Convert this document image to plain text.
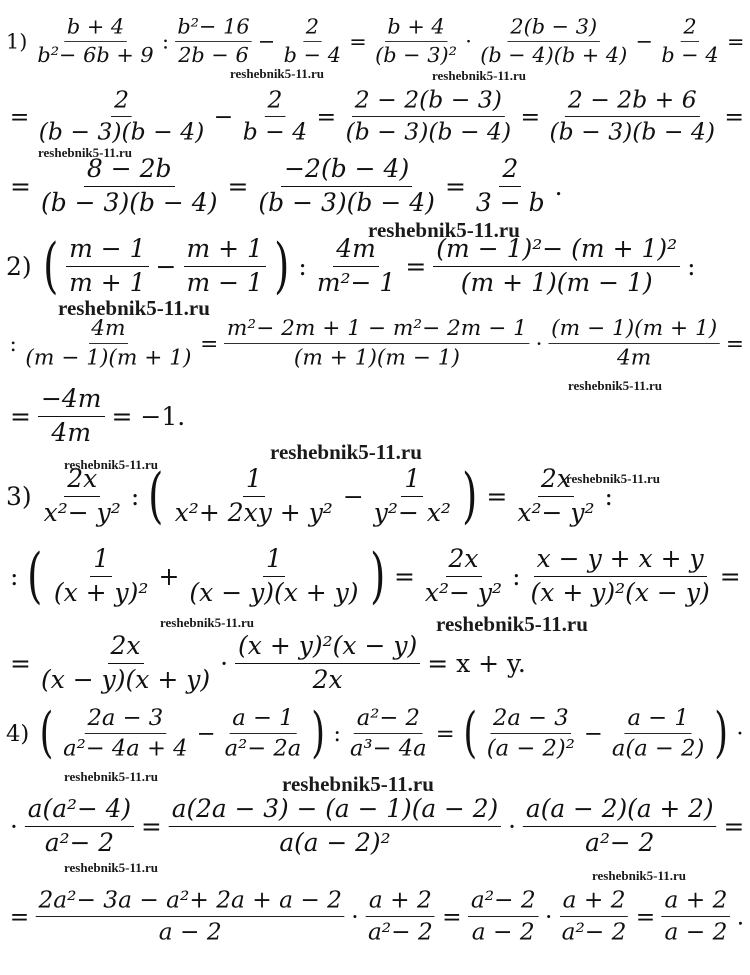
$1) \frac{b + 4}{\text{b²− 6b + 9}}$ : $\frac{\text{b²− 16}}{2b - 6} - \frac{2}{b - 4} = \frac{b + 4}{\text{(b − 3)²}} \cdot \frac{2(b - 3)}{(b - 4)(b + 4)} - \frac{2}{b - 4}$ =
= $\frac{2}{(b - 3)(b - 4)} - \frac{2}{b - 4} = \frac{2 - 2(b - 3)}{(b - 3)(b - 4)} = \frac{2 - 2b + 6}{(b - 3)(b - 4)}$ =
= $\frac{8 - 2b}{(b - 3)(b - 4)} = \frac{-2(b - 4)}{(b - 3)(b - 4)} = \frac{2}{3 - b}$ .
2) ( $\frac{m - 1}{m + 1} - \frac{m + 1}{m - 1}$ ) : $\frac{4m}{\text{m²− 1}} = \frac{\text{(m − 1)²− (m + 1)²}}{(m + 1)(m - 1)}$ :
: $\frac{4m}{(m - 1)(m + 1)} = \frac{\text{m²− 2m + 1 − m²− 2m − 1}}{(m + 1)(m - 1)} \cdot \frac{(m - 1)(m + 1)}{4m}$ =
= $\frac{-4m}{4m} = -1$.
$3) \frac{2x}{\text{x²− y²}}$ : ( $\frac{1}{\text{x²+ 2xy + y²}} - \frac{1}{\text{y²− x²}}$ ) = $\frac{2x}{\text{x²− y²}}$ :
: ( $\frac{1}{\text{(x + y)²}} + \frac{1}{(x - y)(x + y)}$ ) = $\frac{2x}{\text{x²− y²}}$ : $\frac{x - y + x + y}{\text{(x + y)²(x − y)}}$ =
= $\frac{2x}{(x - y)(x + y)} \cdot \frac{\text{(x + y)²(x − y)}}{2x} = x + y$.
4) ( $\frac{2a - 3}{\text{a²− 4a + 4}} - \frac{a - 1}{\text{a²− 2a}}$ ) : $\frac{\text{a²− 2}}{\text{a³− 4a}}$ = ( $\frac{2a - 3}{\text{(a − 2)²}} - \frac{a - 1}{a(a - 2)}$ ) ·
· $\frac{\text{a(a²− 4)}}{\text{a²− 2}} = \frac{a(2a - 3) - (a - 1)(a - 2)}{\text{a(a − 2)²}} \cdot \frac{a(a - 2)(a + 2)}{\text{a²− 2}}$ =
= $\frac{\text{2a²− 3a − a²+ 2a + a − 2}}{a - 2} \cdot \frac{a + 2}{\text{a²− 2}} = \frac{\text{a²− 2}}{a - 2} \cdot \frac{a + 2}{\text{a²− 2}} = \frac{a + 2}{a - 2}$ .
reshebnik5-11.ru	reshebnik5-11.ru
reshebnik5-11.ru
reshebnik5-11.ru
reshebnik5-11.ru
reshebnik5-11.ru
reshebnik5-11.ru
reshebnik5-11.ru
reshebnik5-11.ru
reshebnik5-11.ru	reshebnik5-11.ru
reshebnik5-11.ru
reshebnik5-11.ru
reshebnik5-11.ru
reshebnik5-11.ru
